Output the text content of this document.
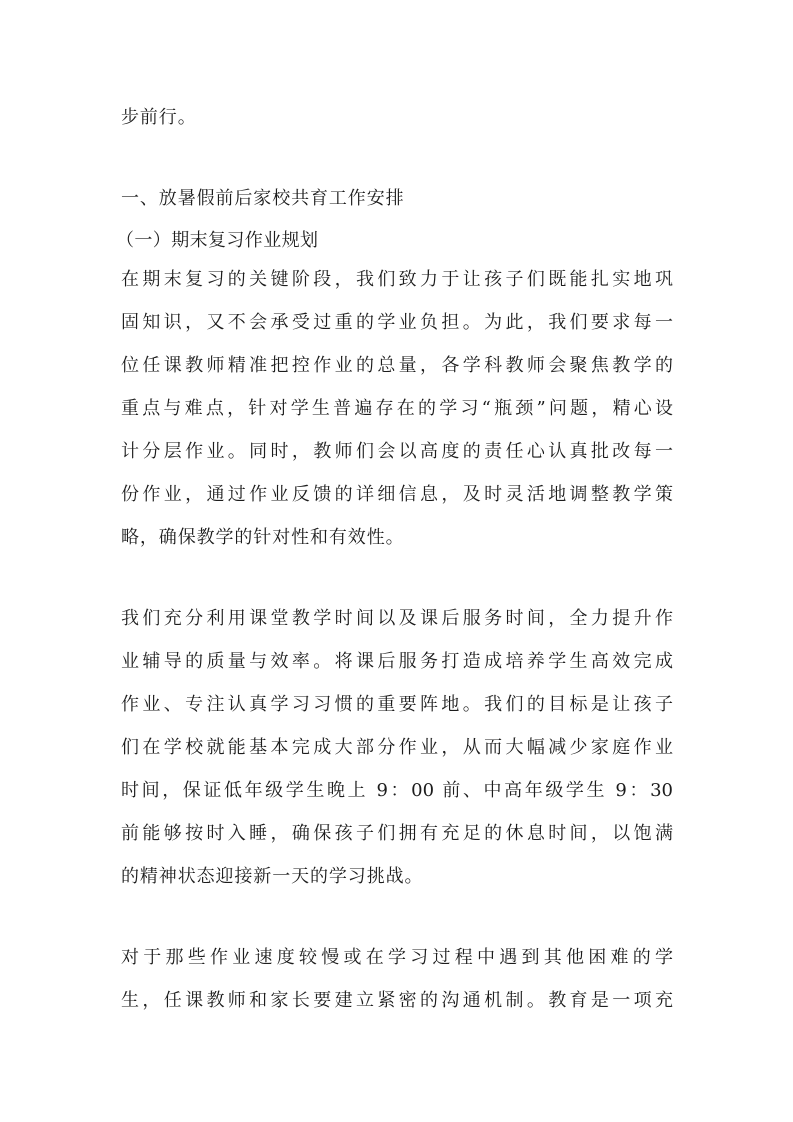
步前行。
一、放暑假前后家校共育工作安排
（一）期末复习作业规划
在期末复习的关键阶段，我们致力于让孩子们既能扎实地巩
固知识，又不会承受过重的学业负担。为此，我们要求每一
位任课教师精准把控作业的总量，各学科教师会聚焦教学的
重点与难点，针对学生普遍存在的学习“瓶颈”问题，精心设
计分层作业。同时，教师们会以高度的责任心认真批改每一
份作业，通过作业反馈的详细信息，及时灵活地调整教学策
略，确保教学的针对性和有效性。
我们充分利用课堂教学时间以及课后服务时间，全力提升作
业辅导的质量与效率。将课后服务打造成培养学生高效完成
作业、专注认真学习习惯的重要阵地。我们的目标是让孩子
们在学校就能基本完成大部分作业，从而大幅减少家庭作业
时间，保证低年级学生晚上 9：00 前、中高年级学生 9：30
前能够按时入睡，确保孩子们拥有充足的休息时间，以饱满
的精神状态迎接新一天的学习挑战。
对于那些作业速度较慢或在学习过程中遇到其他困难的学
生，任课教师和家长要建立紧密的沟通机制。教育是一项充
